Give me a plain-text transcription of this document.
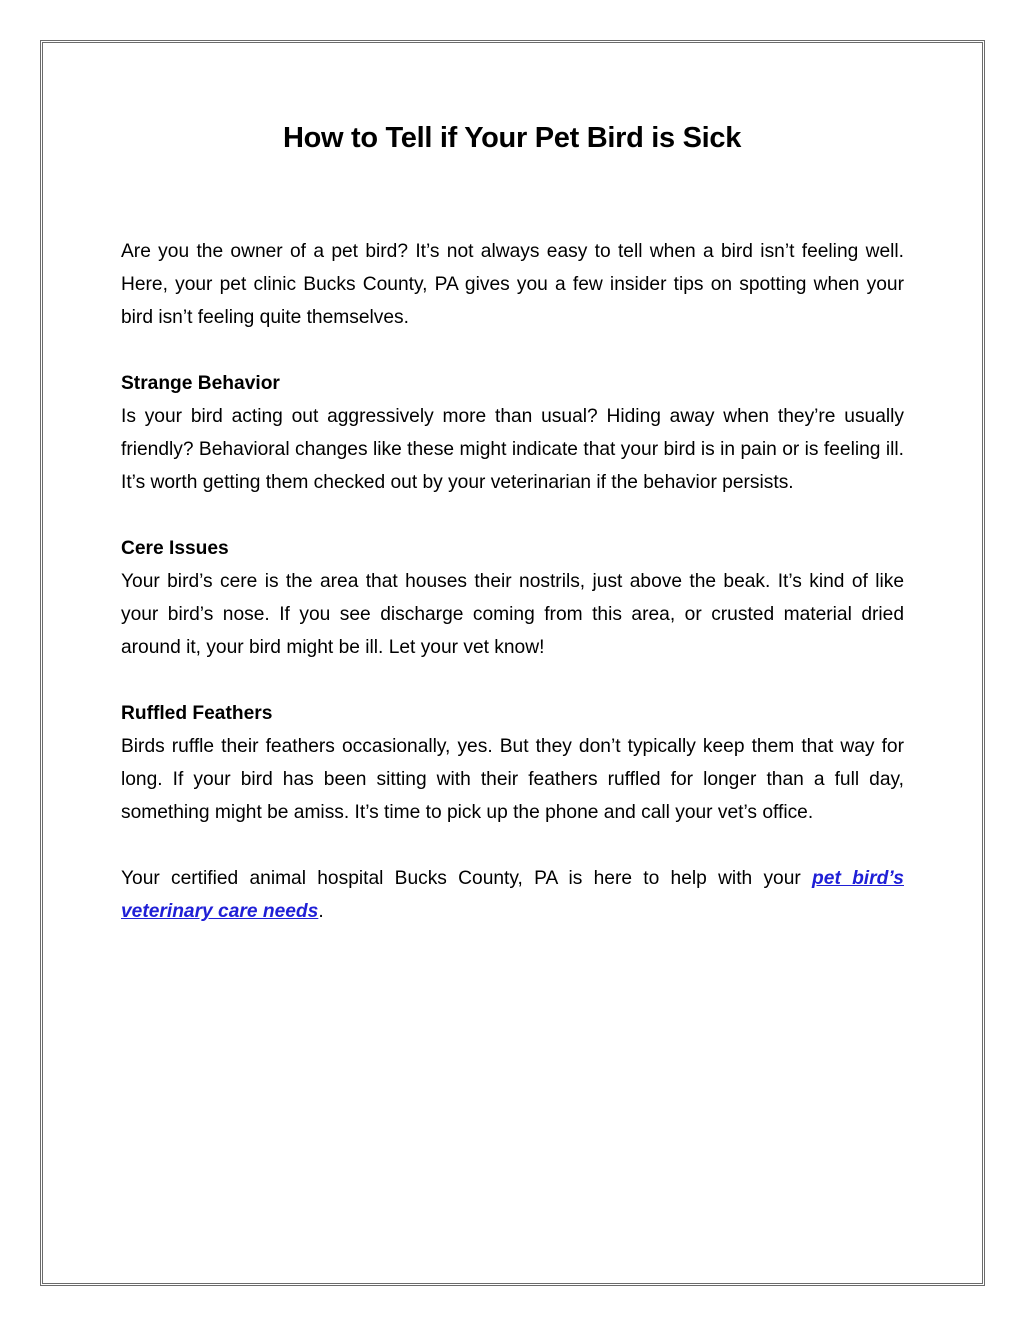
How to Tell if Your Pet Bird is Sick

Are you the owner of a pet bird? It’s not always easy to tell when a bird isn’t feeling well. Here, your pet clinic Bucks County, PA gives you a few insider tips on spotting when your bird isn’t feeling quite themselves.

Strange Behavior
Is your bird acting out aggressively more than usual? Hiding away when they’re usually friendly? Behavioral changes like these might indicate that your bird is in pain or is feeling ill. It’s worth getting them checked out by your veterinarian if the behavior persists.
Cere Issues
Your bird’s cere is the area that houses their nostrils, just above the beak. It’s kind of like your bird’s nose. If you see discharge coming from this area, or crusted material dried around it, your bird might be ill. Let your vet know!
Ruffled Feathers
Birds ruffle their feathers occasionally, yes. But they don’t typically keep them that way for long. If your bird has been sitting with their feathers ruffled for longer than a full day, something might be amiss. It’s time to pick up the phone and call your vet’s office.

Your certified animal hospital Bucks County, PA is here to help with your pet bird’s veterinary care needs.
